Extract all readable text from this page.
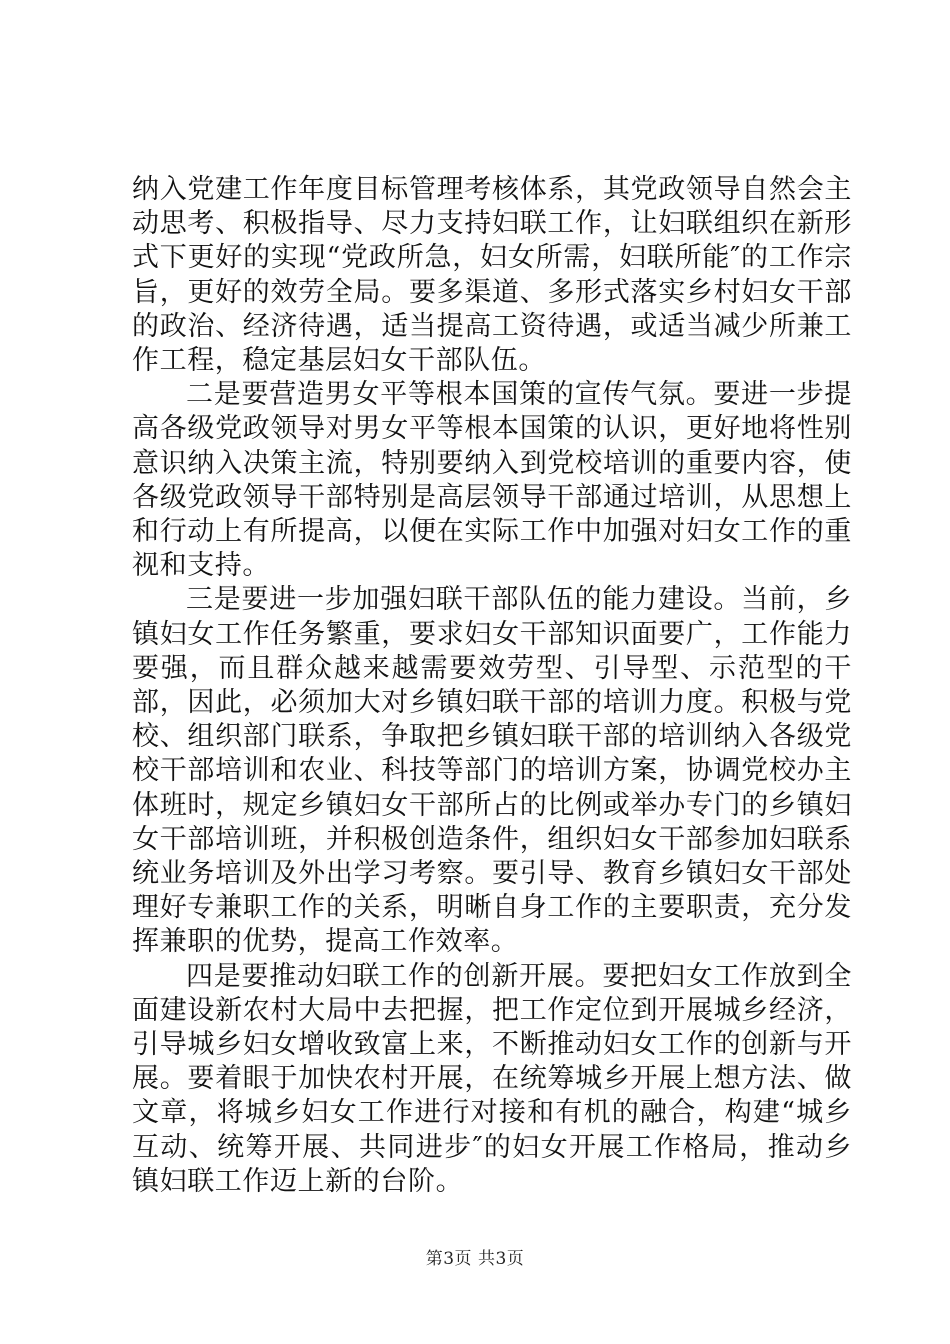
纳入党建工作年度目标管理考核体系，其党政领导自然会主动思考、积极指导、尽力支持妇联工作，让妇联组织在新形式下更好的实现“党政所急，妇女所需，妇联所能″的工作宗旨，更好的效劳全局。要多渠道、多形式落实乡村妇女干部的政治、经济待遇，适当提高工资待遇，或适当减少所兼工作工程，稳定基层妇女干部队伍。

二是要营造男女平等根本国策的宣传气氛。要进一步提高各级党政领导对男女平等根本国策的认识，更好地将性别意识纳入决策主流，特别要纳入到党校培训的重要内容，使各级党政领导干部特别是高层领导干部通过培训，从思想上和行动上有所提高，以便在实际工作中加强对妇女工作的重视和支持。

三是要进一步加强妇联干部队伍的能力建设。当前，乡镇妇女工作任务繁重，要求妇女干部知识面要广，工作能力要强，而且群众越来越需要效劳型、引导型、示范型的干部，因此，必须加大对乡镇妇联干部的培训力度。积极与党校、组织部门联系，争取把乡镇妇联干部的培训纳入各级党校干部培训和农业、科技等部门的培训方案，协调党校办主体班时，规定乡镇妇女干部所占的比例或举办专门的乡镇妇女干部培训班，并积极创造条件，组织妇女干部参加妇联系统业务培训及外出学习考察。要引导、教育乡镇妇女干部处理好专兼职工作的关系，明晰自身工作的主要职责，充分发挥兼职的优势，提高工作效率。

四是要推动妇联工作的创新开展。要把妇女工作放到全面建设新农村大局中去把握，把工作定位到开展城乡经济，引导城乡妇女增收致富上来，不断推动妇女工作的创新与开展。要着眼于加快农村开展，在统筹城乡开展上想方法、做文章，将城乡妇女工作进行对接和有机的融合，构建“城乡互动、统筹开展、共同进步″的妇女开展工作格局，推动乡镇妇联工作迈上新的台阶。

第3页 共3页
